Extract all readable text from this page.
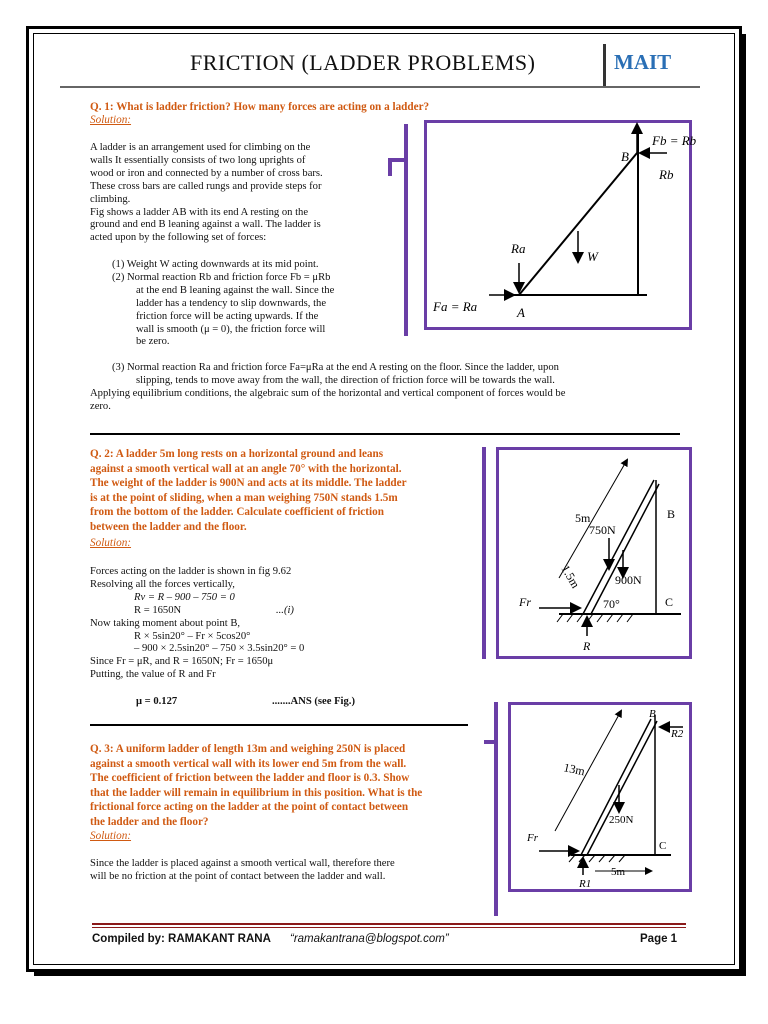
FRICTION (LADDER PROBLEMS)	MAIT
Q. 1: What is ladder friction? How many forces are acting on a ladder?
Solution:

A ladder is an arrangement used for climbing on the

walls It essentially consists of two long uprights of

wood or iron and connected by a number of cross bars.

These cross bars are called rungs and provide steps for

climbing.

Fig shows a ladder AB with its end A resting on the

ground and end B leaning against a wall. The ladder is

acted upon by the following set of forces:

(1) Weight W acting downwards at its mid point.

(2) Normal reaction Rb and friction force Fb = μRb

at the end B leaning against the wall. Since the

ladder has a tendency to slip downwards, the

friction force will be acting upwards. If the

wall is smooth (μ = 0), the friction force will

be zero.

(3) Normal reaction Ra and friction force Fa=μRa at the end A resting on the floor. Since the ladder, upon

slipping, tends to move away from the wall, the direction of friction force will be towards the wall.

Applying equilibrium conditions, the algebraic sum of the horizontal and vertical component of forces would be

zero.

Fb = Rb
B
Rb
Ra
W
Fa = Ra	A
Q. 2: A ladder 5m long rests on a horizontal ground and leans
against a smooth vertical wall at an angle 70° with the horizontal.
The weight of the ladder is 900N and acts at its middle. The ladder
is at the point of sliding, when a man weighing 750N stands 1.5m
from the bottom of the ladder. Calculate coefficient of friction
between the ladder and the floor.
Solution:

Forces acting on the ladder is shown in fig 9.62

Resolving all the forces vertically,

Rv = R – 900 – 750 = 0

R = 1650N	...(i)

Now taking moment about point B,

R × 5sin20° – Fr × 5cos20°

– 900 × 2.5sin20° – 750 × 3.5sin20° = 0

Since Fr = μR, and R = 1650N; Fr = 1650μ

Putting, the value of R and Fr

μ = 0.127	.......ANS (see Fig.)
5m
750N
1.5m	900N
Fr	70°
B
C
R
Q. 3: A uniform ladder of length 13m and weighing 250N is placed
against a smooth vertical wall with its lower end 5m from the wall.
The coefficient of friction between the ladder and floor is 0.3. Show
that the ladder will remain in equilibrium in this position. What is the
frictional force acting on the ladder at the point of contact between
the ladder and the floor?
Solution:

Since the ladder is placed against a smooth vertical wall, therefore there

will be no friction at the point of contact between the ladder and wall.

B
R2
13m
250N
Fr
C
5m
R1
Compiled by: RAMAKANT RANA “ramakantrana@blogspot.com”	Page 1
